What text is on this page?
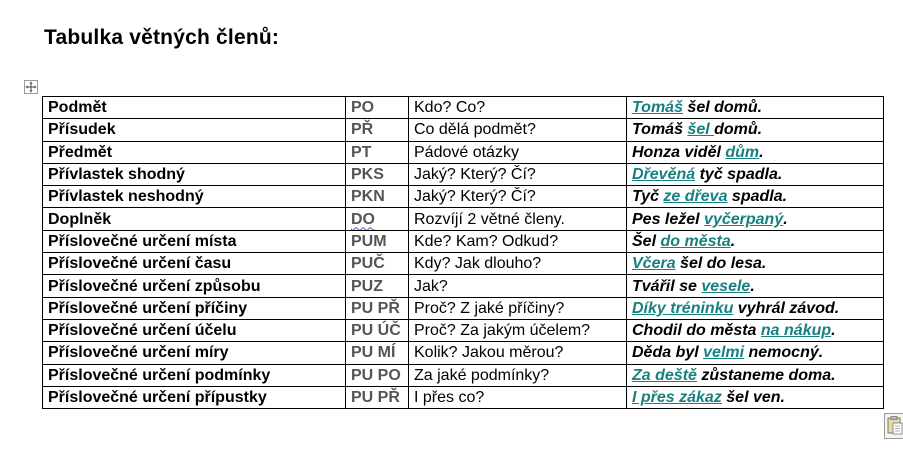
Tabulka větných členů:
Podmět	PO	Kdo? Co?	Tomáš šel domů.
Přísudek	PŘ	Co dělá podmět?	Tomáš šel domů.
Předmět	PT	Pádové otázky	Honza viděl dům.
Přívlastek shodný	PKS	Jaký? Který? Čí?	Dřevěná tyč spadla.
Přívlastek neshodný	PKN	Jaký? Který? Čí?	Tyč ze dřeva spadla.
Doplněk	DO	Rozvíjí 2 větné členy.	Pes ležel vyčerpaný.
Příslovečné určení místa	PUM	Kde? Kam? Odkud?	Šel do města.
Příslovečné určení času	PUČ	Kdy? Jak dlouho?	Včera šel do lesa.
Příslovečné určení způsobu	PUZ	Jak?	Tvářil se vesele.
Příslovečné určení příčiny	PU PŘ	Proč? Z jaké příčiny?	Díky tréninku vyhrál závod.
Příslovečné určení účelu	PU ÚČ	Proč? Za jakým účelem?	Chodil do města na nákup.
Příslovečné určení míry	PU MÍ	Kolik? Jakou měrou?	Děda byl velmi nemocný.
Příslovečné určení podmínky	PU PO	Za jaké podmínky?	Za deště zůstaneme doma.
Příslovečné určení přípustky	PU PŘ	I přes co?	I přes zákaz šel ven.
